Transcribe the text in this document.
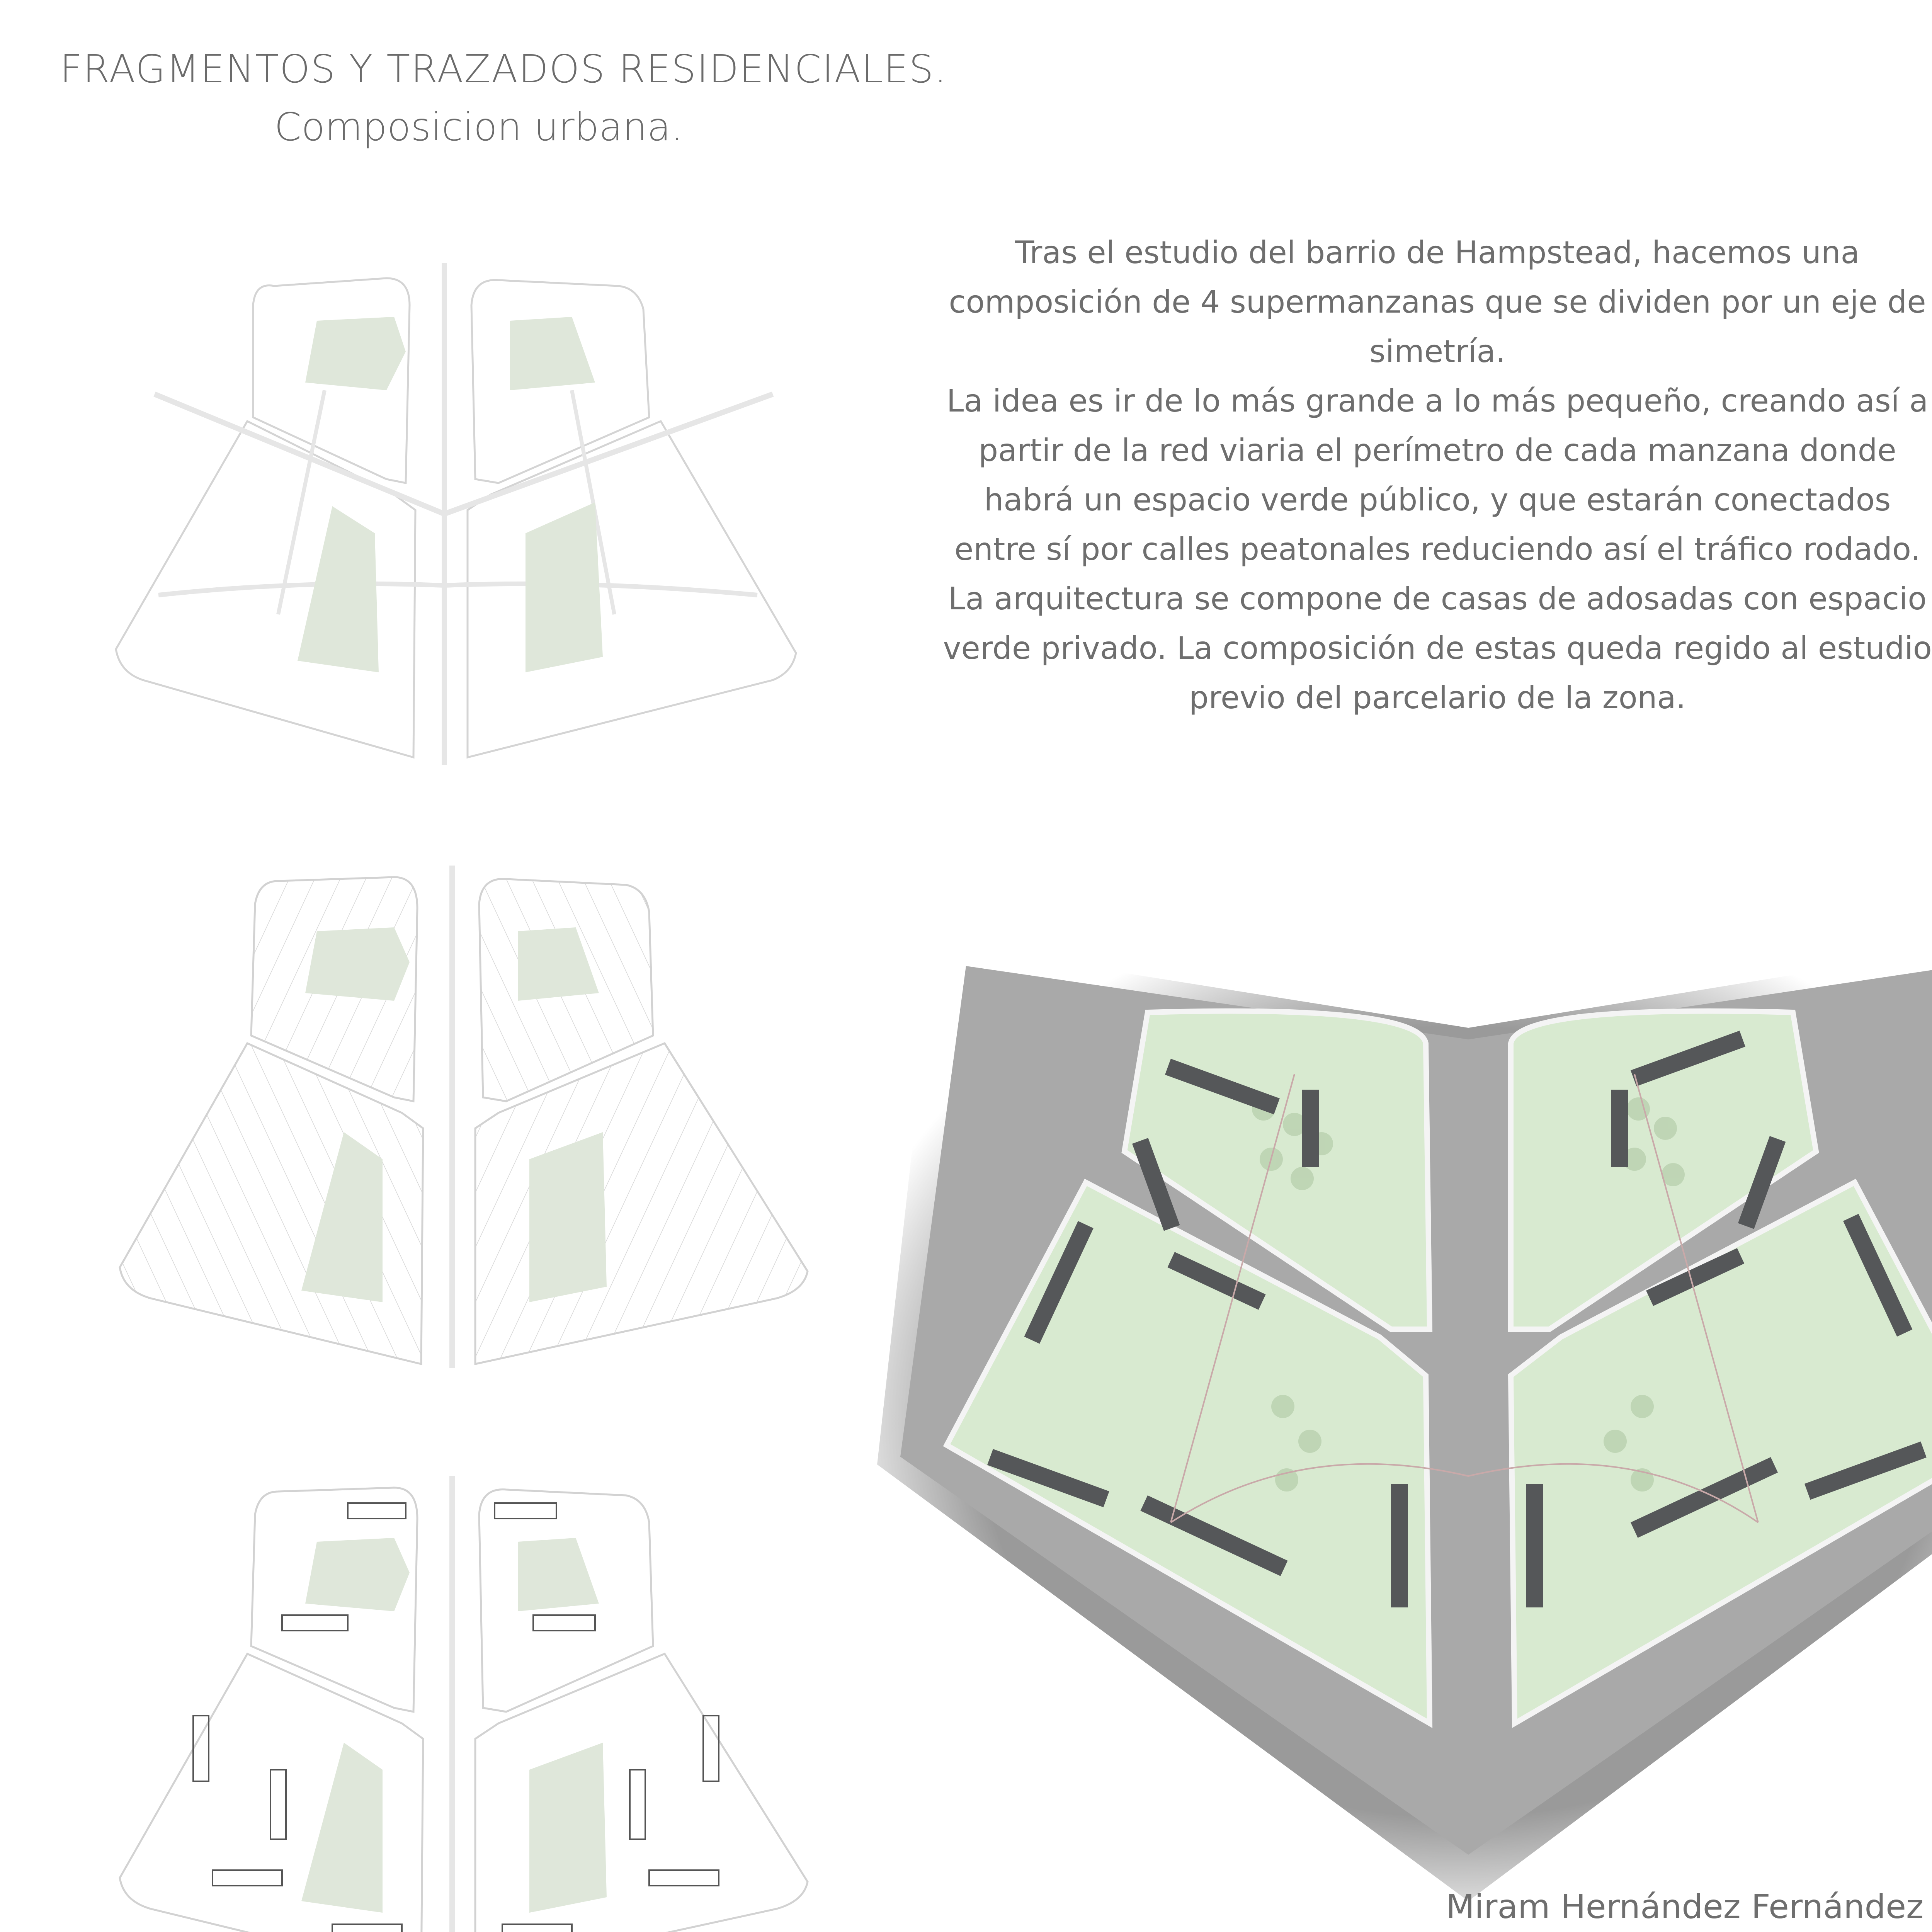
FRAGMENTOS Y TRAZADOS RESIDENCIALES.
Composicion urbana.

Tras el estudio del barrio de Hampstead, hacemos una composición de 4 supermanzanas que se dividen por un eje de simetría.

La idea es ir de lo más grande a lo más pequeño, creando así a partir de la red viaria el perímetro de cada manzana donde habrá un espacio verde público, y que estarán conectados entre sí por calles peatonales reduciendo así el tráfico rodado.

La arquitectura se compone de casas de adosadas con espacio verde privado. La composición de estas queda regido al estudio previo del parcelario de la zona.

Miram Hernández Fernández
